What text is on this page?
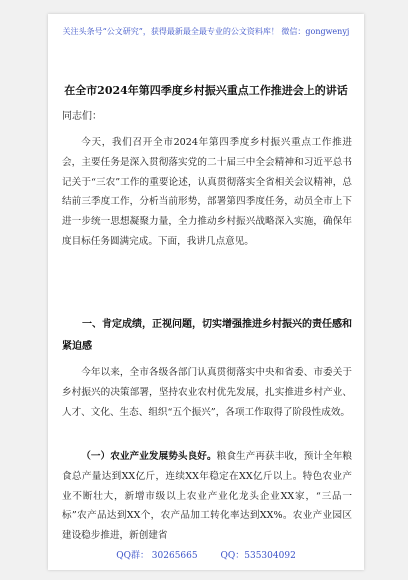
关注头条号“公文研究”，获得最新最全最专业的公文资料库！ 微信：gongwenyj
在全市2024年第四季度乡村振兴重点工作推进会上的讲话
同志们：

今天，我们召开全市2024年第四季度乡村振兴重点工作推进会，主要任务是深入贯彻落实党的二十届三中全会精神和习近平总书记关于“三农”工作的重要论述，认真贯彻落实全省相关会议精神，总结前三季度工作，分析当前形势，部署第四季度任务，动员全市上下进一步统一思想凝聚力量，全力推动乡村振兴战略深入实施，确保年度目标任务圆满完成。下面，我讲几点意见。

一、肯定成绩，正视问题，切实增强推进乡村振兴的责任感和紧迫感

今年以来，全市各级各部门认真贯彻落实中央和省委、市委关于乡村振兴的决策部署，坚持农业农村优先发展，扎实推进乡村产业、人才、文化、生态、组织“五个振兴”，各项工作取得了阶段性成效。

（一）农业产业发展势头良好。粮食生产再获丰收，预计全年粮食总产量达到XX亿斤，连续XX年稳定在XX亿斤以上。特色农业产业不断壮大，新增市级以上农业产业化龙头企业XX家，“三品一标”农产品达到XX个，农产品加工转化率达到XX%。农业产业园区建设稳步推进，新创建省

QQ群： 30265665	QQ：535304092
